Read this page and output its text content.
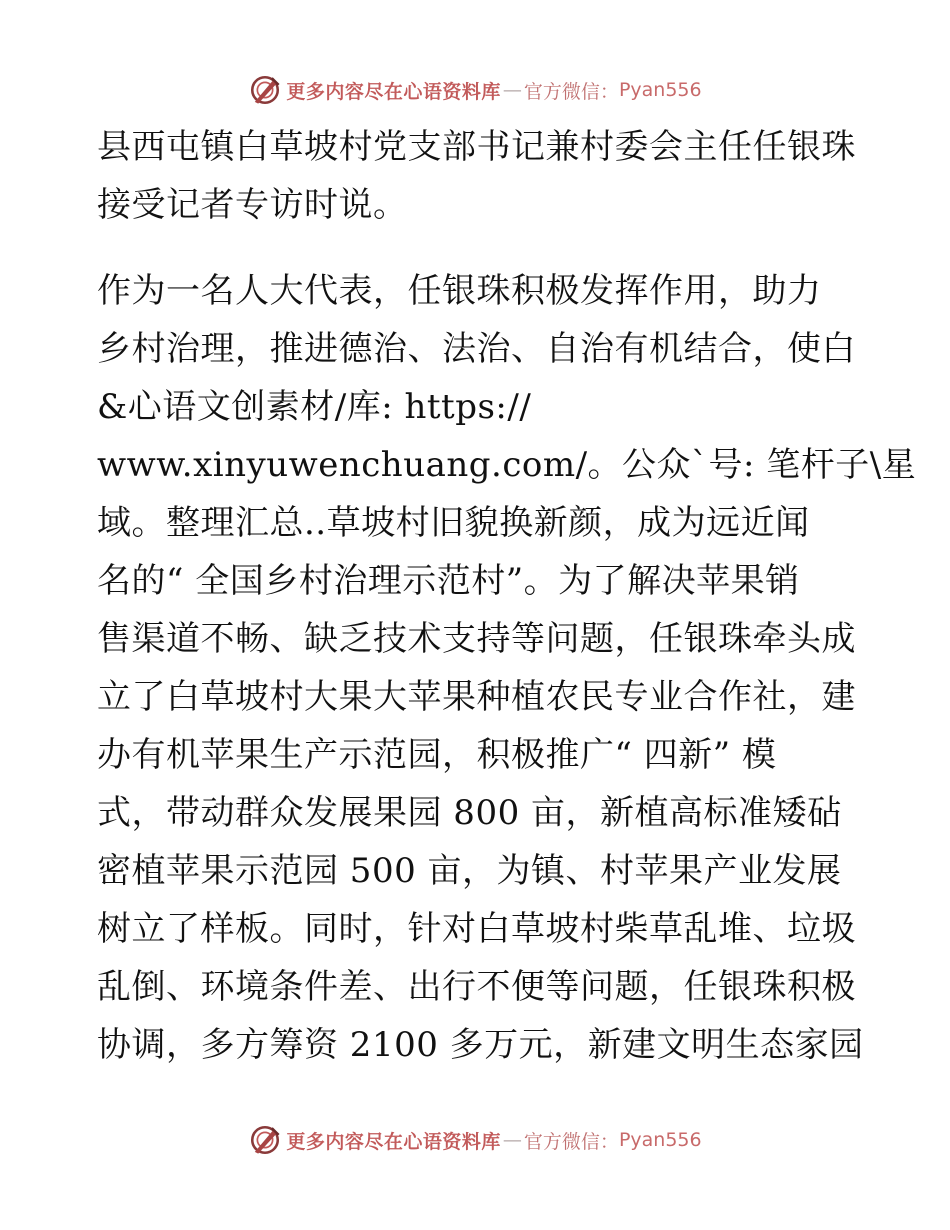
更多内容尽在心语资料库 — 官方微信： Pyan556
县西屯镇白草坡村党支部书记兼村委会主任任银珠
接受记者专访时说。
作为一名人大代表，任银珠积极发挥作用，助力
乡村治理，推进德治、法治、自治有机结合，使白
&心语文创素材/库: https://
www.xinyuwenchuang.com/。公众`号: 笔杆子\星
域。整理汇总..草坡村旧貌换新颜，成为远近闻
名的“ 全国乡村治理示范村”。为了解决苹果销
售渠道不畅、缺乏技术支持等问题，任银珠牵头成
立了白草坡村大果大苹果种植农民专业合作社，建
办有机苹果生产示范园，积极推广“ 四新” 模
式，带动群众发展果园 800 亩，新植高标准矮砧
密植苹果示范园 500 亩，为镇、村苹果产业发展
树立了样板。同时，针对白草坡村柴草乱堆、垃圾
乱倒、环境条件差、出行不便等问题，任银珠积极
协调，多方筹资 2100 多万元，新建文明生态家园
更多内容尽在心语资料库 — 官方微信： Pyan556
